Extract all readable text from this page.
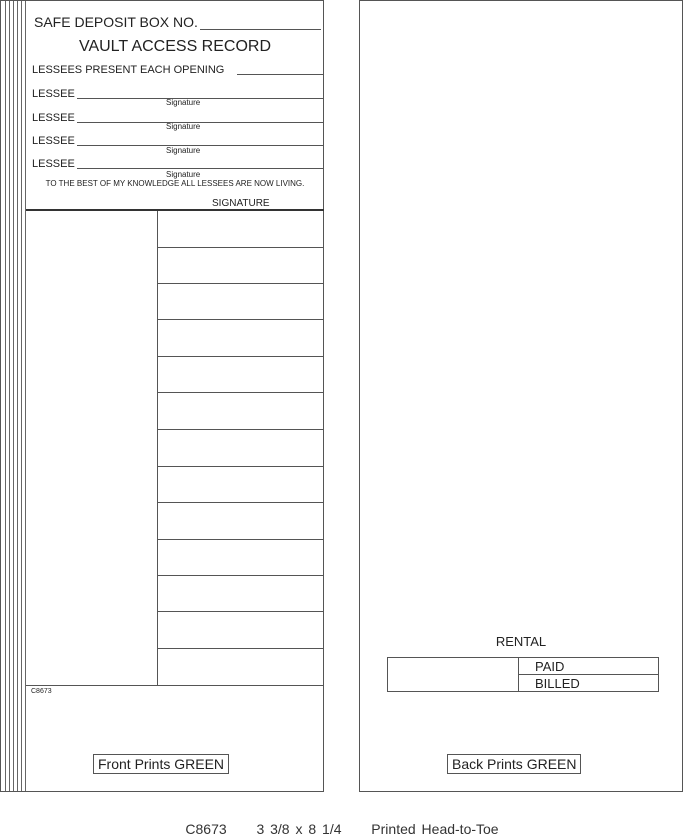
SAFE DEPOSIT BOX NO.
VAULT ACCESS RECORD
LESSEES PRESENT EACH OPENING
LESSEE
Signature
LESSEE
Signature
LESSEE
Signature
LESSEE
Signature
TO THE BEST OF MY KNOWLEDGE ALL LESSEES ARE NOW LIVING.
SIGNATURE
C8673
Front Prints GREEN
RENTAL
PAID
BILLED
Back Prints GREEN
C8673 3 3/8 x 8 1/4 Printed Head-to-Toe
